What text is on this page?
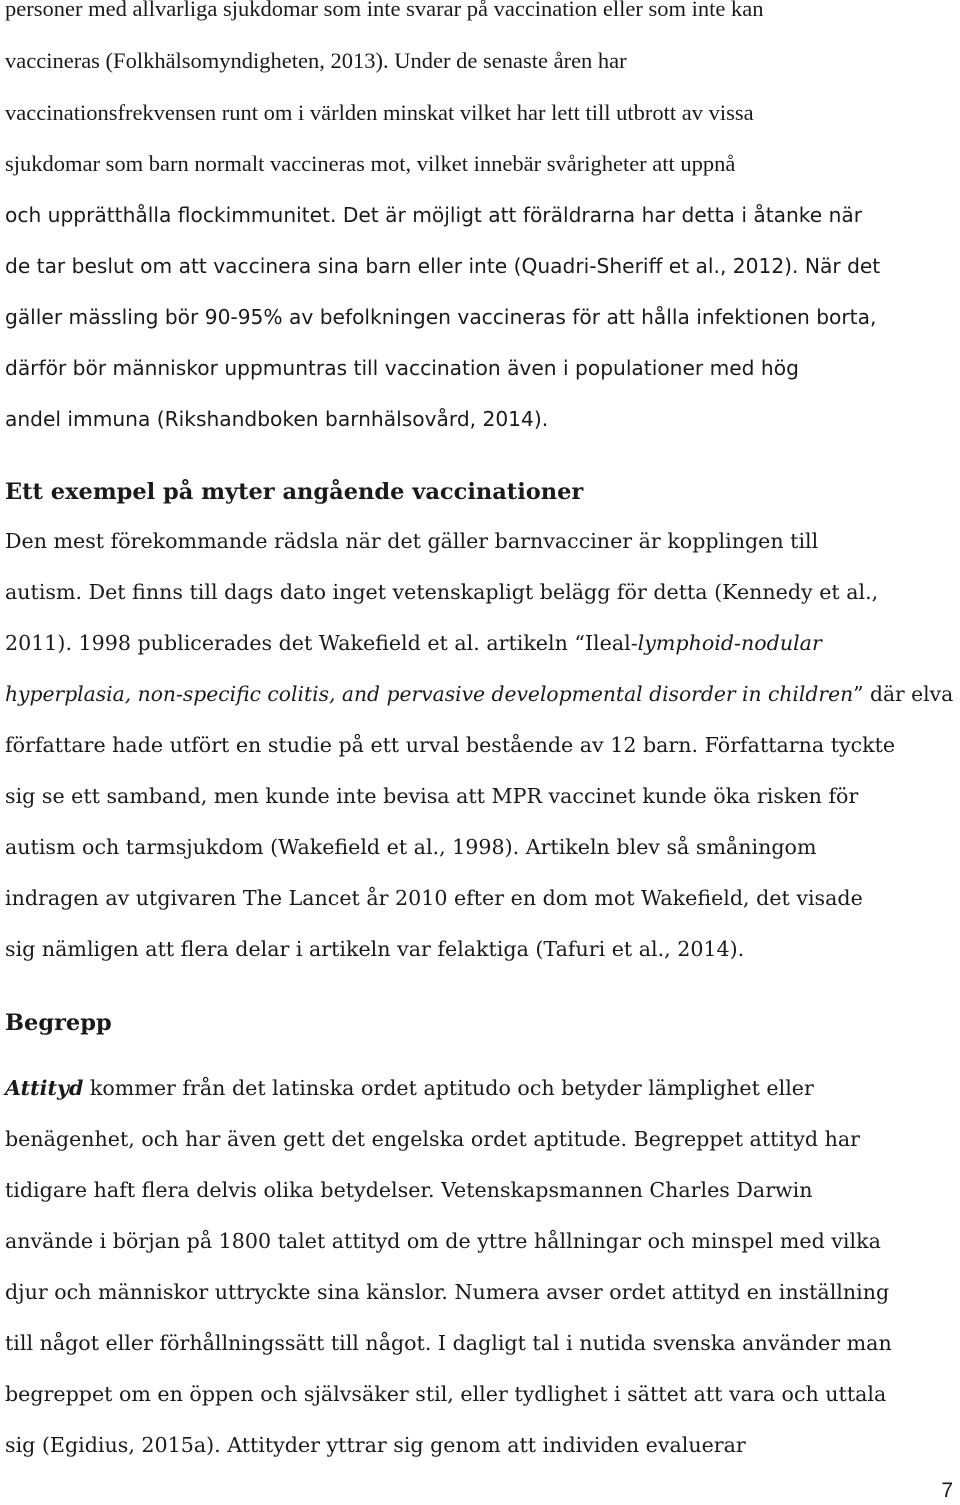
personer med allvarliga sjukdomar som inte svarar på vaccination eller som inte kan
vaccineras (Folkhälsomyndigheten, 2013). Under de senaste åren har
vaccinationsfrekvensen runt om i världen minskat vilket har lett till utbrott av vissa
sjukdomar som barn normalt vaccineras mot, vilket innebär svårigheter att uppnå
och upprätthålla flockimmunitet. Det är möjligt att föräldrarna har detta i åtanke när
de tar beslut om att vaccinera sina barn eller inte (Quadri-Sheriff et al., 2012). När det
gäller mässling bör 90-95% av befolkningen vaccineras för att hålla infektionen borta,
därför bör människor uppmuntras till vaccination även i populationer med hög
andel immuna (Rikshandboken barnhälsovård, 2014).
Ett exempel på myter angående vaccinationer
Den mest förekommande rädsla när det gäller barnvacciner är kopplingen till
autism. Det finns till dags dato inget vetenskapligt belägg för detta (Kennedy et al.,
2011). 1998 publicerades det Wakefield et al. artikeln “Ileal-lymphoid-nodular
hyperplasia, non-specific colitis, and pervasive developmental disorder in children” där elva
författare hade utfört en studie på ett urval bestående av 12 barn. Författarna tyckte
sig se ett samband, men kunde inte bevisa att MPR vaccinet kunde öka risken för
autism och tarmsjukdom (Wakefield et al., 1998). Artikeln blev så småningom
indragen av utgivaren The Lancet år 2010 efter en dom mot Wakefield, det visade
sig nämligen att flera delar i artikeln var felaktiga (Tafuri et al., 2014).
Begrepp
Attityd kommer från det latinska ordet aptitudo och betyder lämplighet eller
benägenhet, och har även gett det engelska ordet aptitude. Begreppet attityd har
tidigare haft flera delvis olika betydelser. Vetenskapsmannen Charles Darwin
använde i början på 1800 talet attityd om de yttre hållningar och minspel med vilka
djur och människor uttryckte sina känslor. Numera avser ordet attityd en inställning
till något eller förhållningssätt till något. I dagligt tal i nutida svenska använder man
begreppet om en öppen och självsäker stil, eller tydlighet i sättet att vara och uttala
sig (Egidius, 2015a). Attityder yttrar sig genom att individen evaluerar
7
